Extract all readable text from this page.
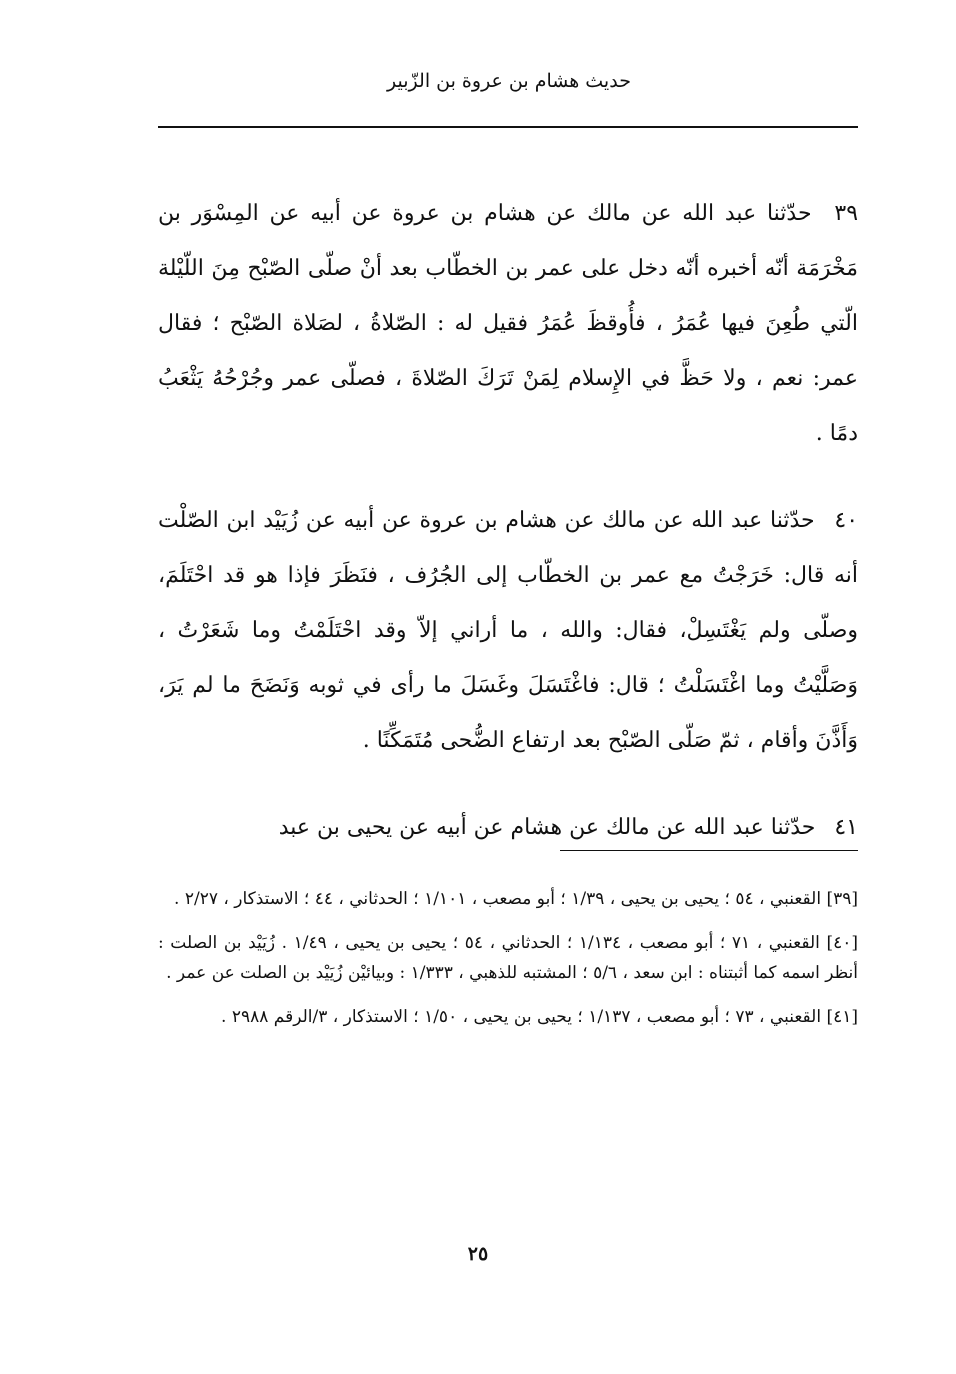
حديث هشام بن عروة بن الزّبير

٣٩ حدّثنا عبد الله عن مالك عن هشام بن عروة عن أبيه عن المِسْوَر بن مَخْرَمَة أنّه أخبره أنّه دخل على عمر بن الخطّاب بعد أنْ صلّى الصّبْح مِنَ اللّيْلة الّتي طُعِنَ فيها عُمَرُ ، فأُوقظَ عُمَرُ فقيل له : الصّلاةُ ، لصَلاة الصّبْح ؛ فقال عمر: نعم ، ولا حَظَّ في الإِسلام لِمَنْ تَرَكَ الصّلاةَ ، فصلّى عمر وجُرْحُهُ يَثْعَبُ دمًا .

٤٠ حدّثنا عبد الله عن مالك عن هشام بن عروة عن أبيه عن زُيَيْد ابن الصّلْت أنه قال: خَرَجْتُ مع عمر بن الخطّاب إلى الجُرُف ، فنَظَرَ فإذا هو قد احْتَلَمَ، وصلّى ولم يَغْتَسِلْ، فقال: والله ، ما أراني إلاّ وقد احْتَلَمْتُ وما شَعَرْتُ ، وَصَلَّيْتُ وما اغْتَسَلْتُ ؛ قال: فاغْتَسَلَ وغَسَلَ ما رأى في ثوبه وَنَضَحَ ما لم يَرَ، وَأَذَّنَ وأقام ، ثمّ صَلّى الصّبْح بعد ارتفاع الضُّحى مُتَمَكِّنًا .

٤١ حدّثنا عبد الله عن مالك عن هشام عن أبيه عن يحيى بن عبد

[٣٩] القعنبي ، ٥٤ ؛ يحيى بن يحيى ، ١/٣٩ ؛ أبو مصعب ، ١/١٠١ ؛ الحدثاني ، ٤٤ ؛ الاستذكار ، ٢/٢٧ .

[٤٠] القعنبي ، ٧١ ؛ أبو مصعب ، ١/١٣٤ ؛ الحدثاني ، ٥٤ ؛ يحيى بن يحيى ، ١/٤٩ . زُيَيْد بن الصلت : أنظر اسمه كما أثبتناه : ابن سعد ، ٥/٦ ؛ المشتبه للذهبي ، ١/٣٣٣ : وبيائيْن زُيَيْد بن الصلت عن عمر .

[٤١] القعنبي ، ٧٣ ؛ أبو مصعب ، ١/١٣٧ ؛ يحيى بن يحيى ، ١/٥٠ ؛ الاستذكار ، ٣/الرقم ٢٩٨٨ .

٢٥
